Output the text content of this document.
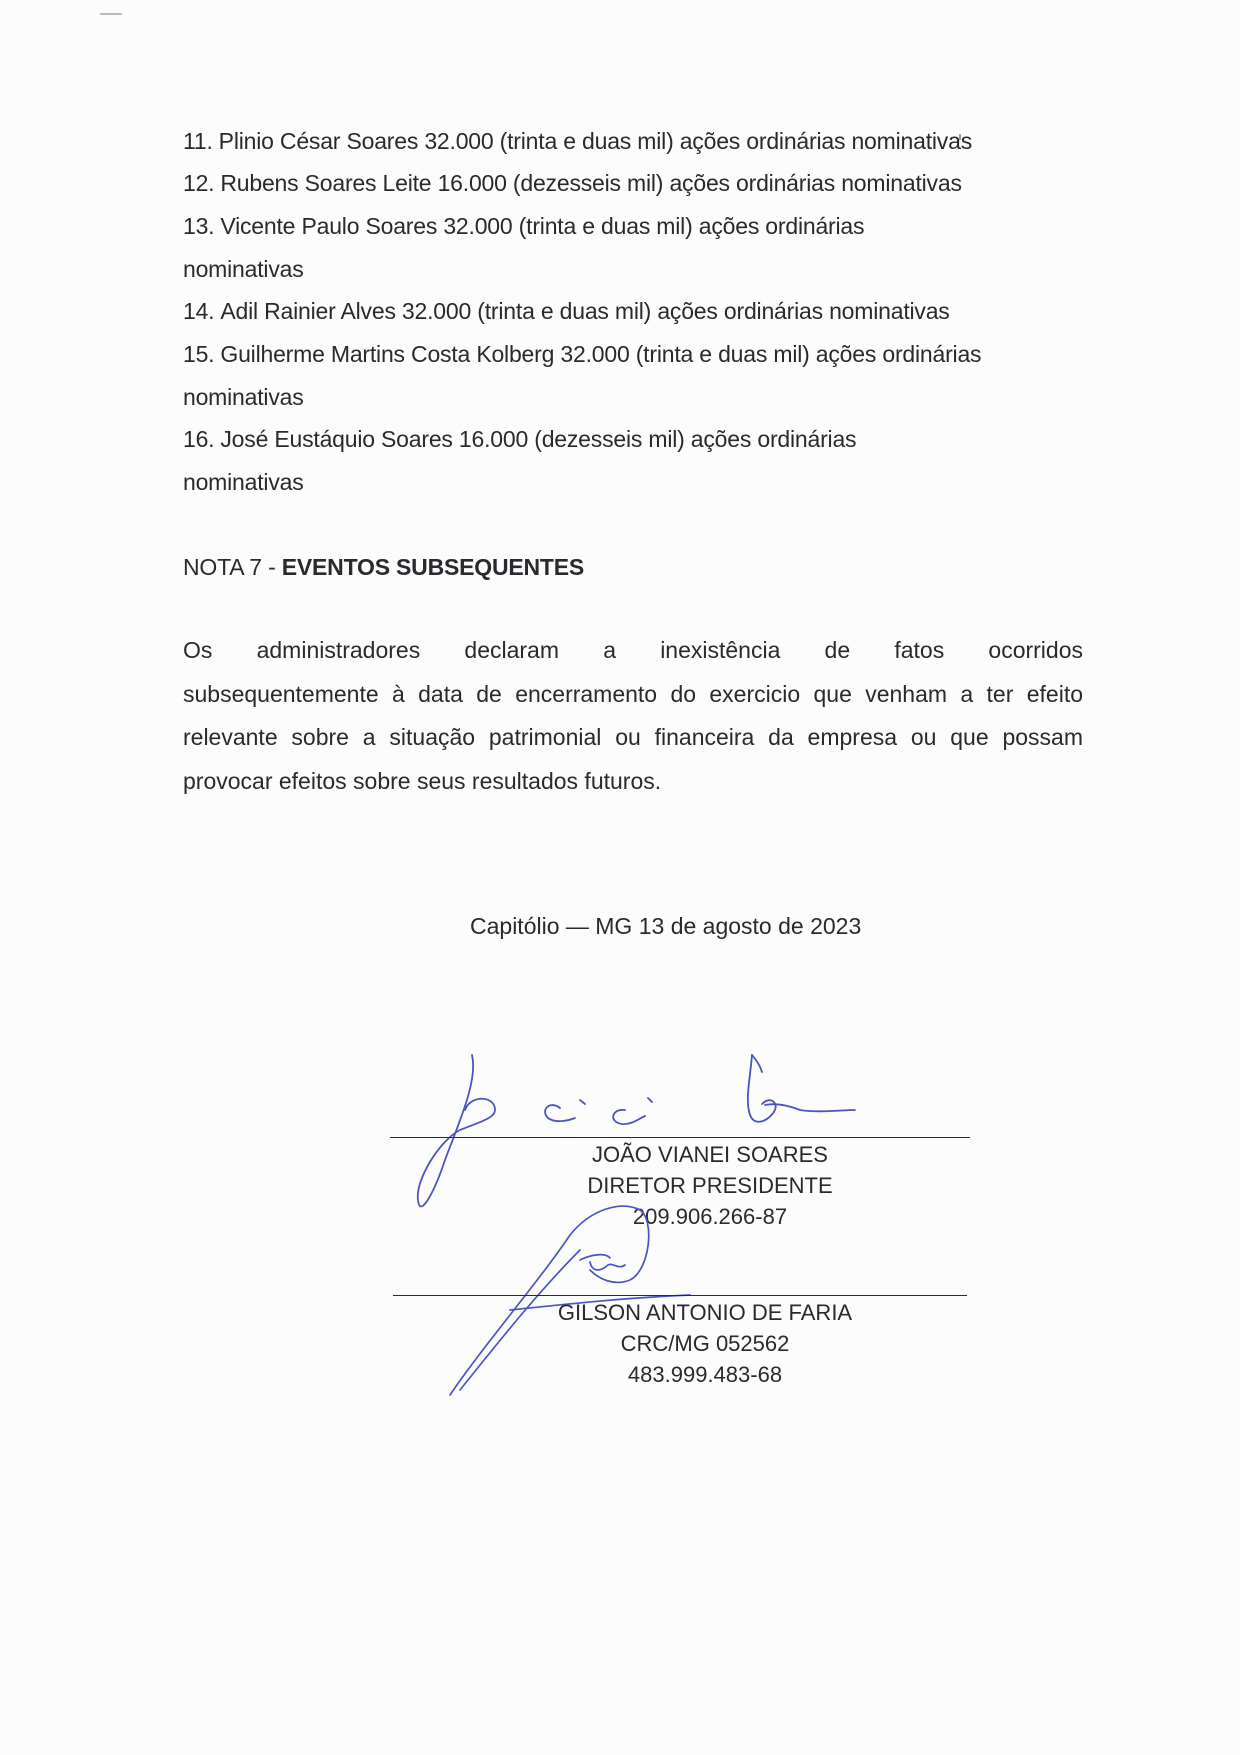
11. Plinio César Soares 32.000 (trinta e duas mil) ações ordinárias nominativas
12. Rubens Soares Leite 16.000 (dezesseis mil) ações ordinárias nominativas
13. Vicente Paulo Soares 32.000 (trinta e duas mil) ações ordinárias
nominativas
14. Adil Rainier Alves 32.000 (trinta e duas mil) ações ordinárias nominativas
15. Guilherme Martins Costa Kolberg 32.000 (trinta e duas mil) ações ordinárias
nominativas
16. José Eustáquio Soares 16.000 (dezesseis mil) ações ordinárias
nominativas
NOTA 7 - EVENTOS SUBSEQUENTES
Os administradores declaram a inexistência de fatos ocorridos
subsequentemente à data de encerramento do exercicio que venham a ter efeito relevante sobre a situação patrimonial ou financeira da empresa ou que possam provocar efeitos sobre seus resultados futuros.
Capitólio — MG 13 de agosto de 2023
JOÃO VIANEI SOARES
DIRETOR PRESIDENTE
209.906.266-87
GILSON ANTONIO DE FARIA
CRC/MG 052562
483.999.483-68
